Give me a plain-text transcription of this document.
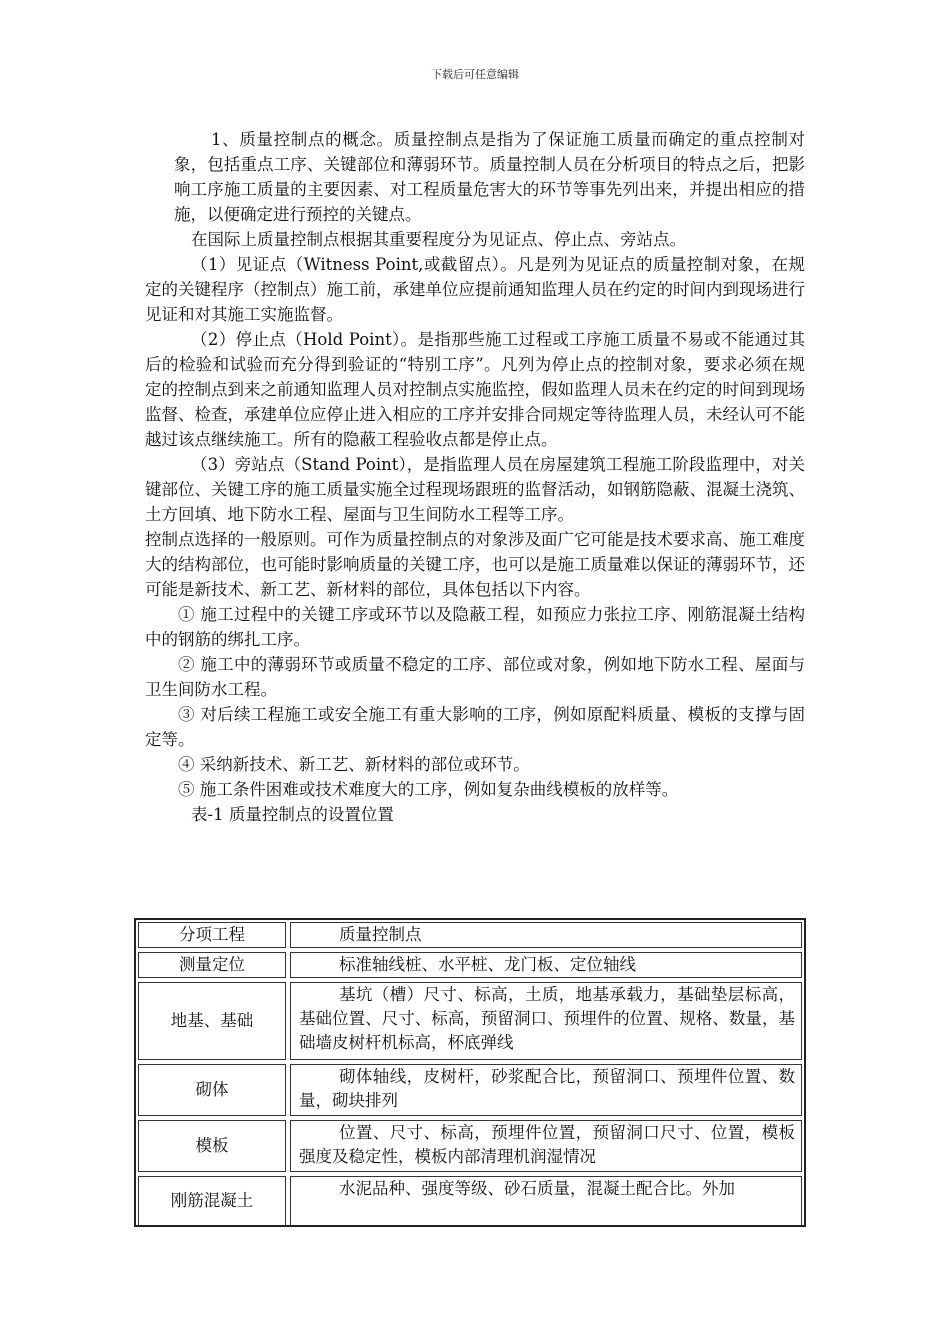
下载后可任意编辑

1、质量控制点的概念。质量控制点是指为了保证施工质量而确定的重点控制对象，包括重点工序、关键部位和薄弱环节。质量控制人员在分析项目的特点之后，把影响工序施工质量的主要因素、对工程质量危害大的环节等事先列出来，并提出相应的措施，以便确定进行预控的关键点。

在国际上质量控制点根据其重要程度分为见证点、停止点、旁站点。

（1）见证点（Witness Point,或截留点）。凡是列为见证点的质量控制对象，在规定的关键程序（控制点）施工前，承建单位应提前通知监理人员在约定的时间内到现场进行见证和对其施工实施监督。

（2）停止点（Hold Point）。是指那些施工过程或工序施工质量不易或不能通过其后的检验和试验而充分得到验证的“特别工序”。凡列为停止点的控制对象，要求必须在规定的控制点到来之前通知监理人员对控制点实施监控，假如监理人员未在约定的时间到现场监督、检查，承建单位应停止进入相应的工序并安排合同规定等待监理人员，未经认可不能越过该点继续施工。所有的隐蔽工程验收点都是停止点。

（3）旁站点（Stand Point），是指监理人员在房屋建筑工程施工阶段监理中，对关键部位、关键工序的施工质量实施全过程现场跟班的监督活动，如钢筋隐蔽、混凝土浇筑、土方回填、地下防水工程、屋面与卫生间防水工程等工序。

控制点选择的一般原则。可作为质量控制点的对象涉及面广它可能是技术要求高、施工难度大的结构部位，也可能时影响质量的关键工序，也可以是施工质量难以保证的薄弱环节，还可能是新技术、新工艺、新材料的部位，具体包括以下内容。

① 施工过程中的关键工序或环节以及隐蔽工程，如预应力张拉工序、刚筋混凝土结构中的钢筋的绑扎工序。

② 施工中的薄弱环节或质量不稳定的工序、部位或对象，例如地下防水工程、屋面与卫生间防水工程。

③ 对后续工程施工或安全施工有重大影响的工序，例如原配料质量、模板的支撑与固定等。

④ 采纳新技术、新工艺、新材料的部位或环节。

⑤ 施工条件困难或技术难度大的工序，例如复杂曲线模板的放样等。

表-1 质量控制点的设置位置

分项工程	质量控制点

测量定位	标准轴线桩、水平桩、龙门板、定位轴线

地基、基础	基坑（槽）尺寸、标高，土质，地基承载力，基础垫层标高，基础位置、尺寸、标高，预留洞口、预埋件的位置、规格、数量，基础墙皮树杆机标高，杯底弹线

砌体	砌体轴线，皮树杆，砂浆配合比，预留洞口、预埋件位置、数量，砌块排列

模板	位置、尺寸、标高，预埋件位置，预留洞口尺寸、位置，模板强度及稳定性，模板内部清理机润湿情况

刚筋混凝土	水泥品种、强度等级、砂石质量，混凝土配合比。外加
